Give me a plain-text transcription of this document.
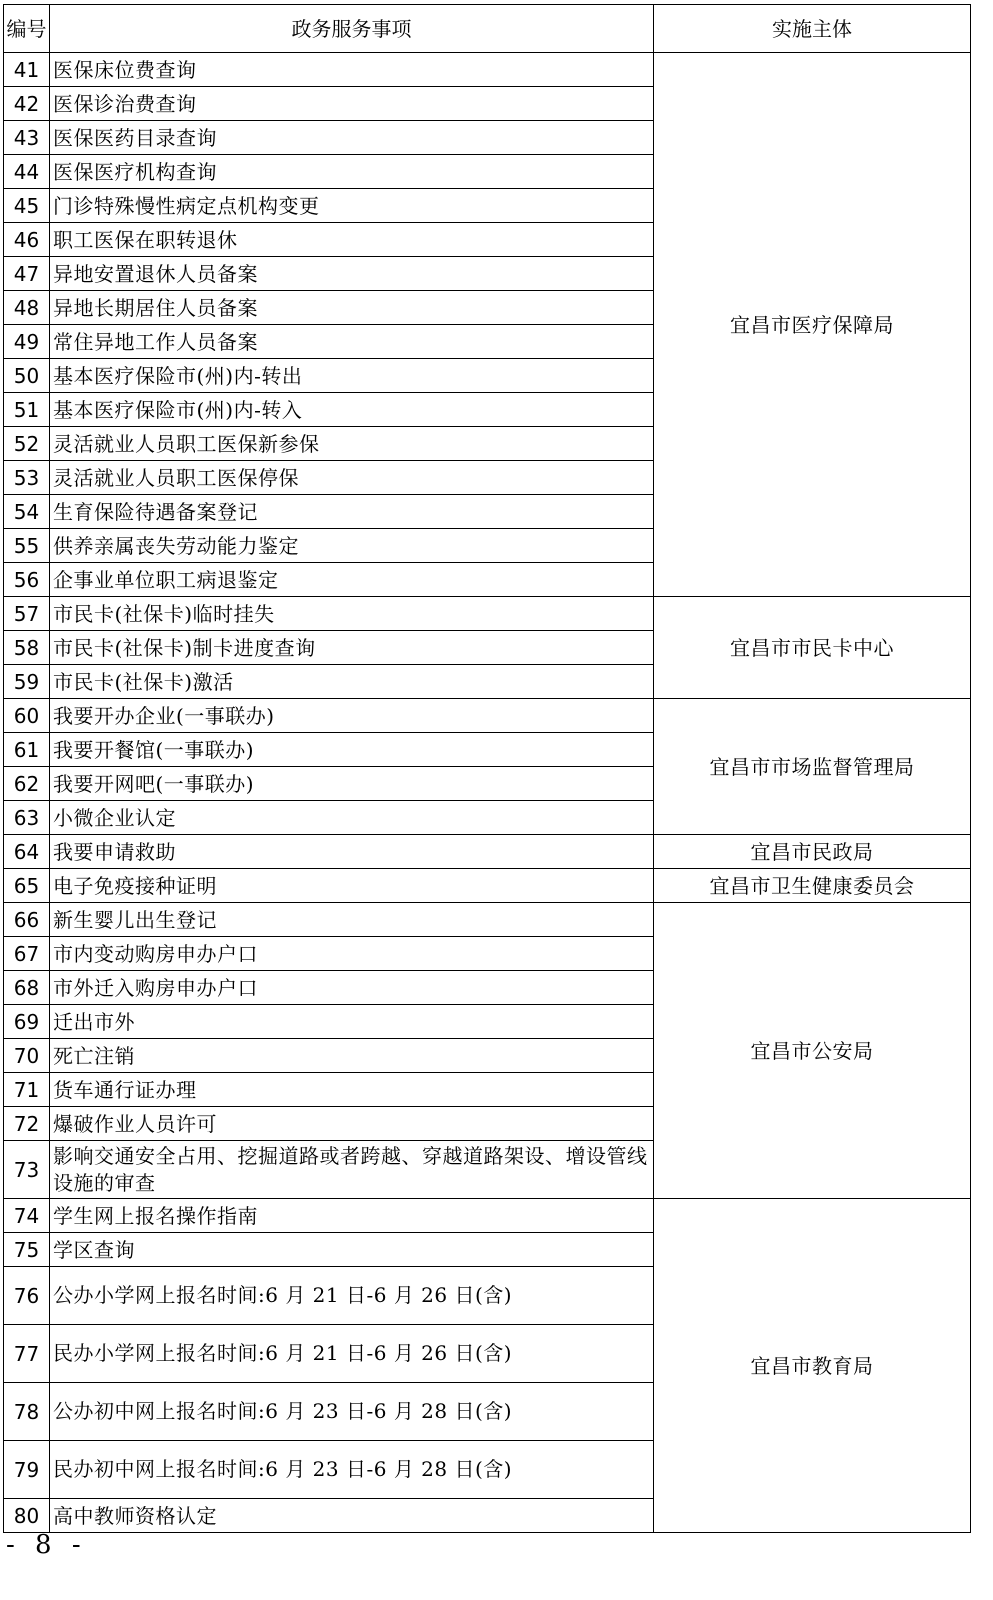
编号	政务服务事项	实施主体
41	医保床位费查询	宜昌市医疗保障局
42	医保诊治费查询	
43	医保医药目录查询	
44	医保医疗机构查询	
45	门诊特殊慢性病定点机构变更	
46	职工医保在职转退休	
47	异地安置退休人员备案	
48	异地长期居住人员备案	
49	常住异地工作人员备案	
50	基本医疗保险市(州)内-转出	
51	基本医疗保险市(州)内-转入	
52	灵活就业人员职工医保新参保	
53	灵活就业人员职工医保停保	
54	生育保险待遇备案登记	
55	供养亲属丧失劳动能力鉴定	
56	企事业单位职工病退鉴定	
57	市民卡(社保卡)临时挂失	宜昌市市民卡中心
58	市民卡(社保卡)制卡进度查询	
59	市民卡(社保卡)激活	
60	我要开办企业(一事联办)	宜昌市市场监督管理局
61	我要开餐馆(一事联办)	
62	我要开网吧(一事联办)	
63	小微企业认定	
64	我要申请救助	宜昌市民政局
65	电子免疫接种证明	宜昌市卫生健康委员会
66	新生婴儿出生登记	宜昌市公安局
67	市内变动购房申办户口	
68	市外迁入购房申办户口	
69	迁出市外	
70	死亡注销	
71	货车通行证办理	
72	爆破作业人员许可	
73	影响交通安全占用、挖掘道路或者跨越、穿越道路架设、增设管线设施的审查	
74	学生网上报名操作指南	宜昌市教育局
75	学区查询	
76	公办小学网上报名时间:6 月 21 日-6 月 26 日(含)	
77	民办小学网上报名时间:6 月 21 日-6 月 26 日(含)	
78	公办初中网上报名时间:6 月 23 日-6 月 28 日(含)	
79	民办初中网上报名时间:6 月 23 日-6 月 28 日(含)	
80	高中教师资格认定	
- 8 -
